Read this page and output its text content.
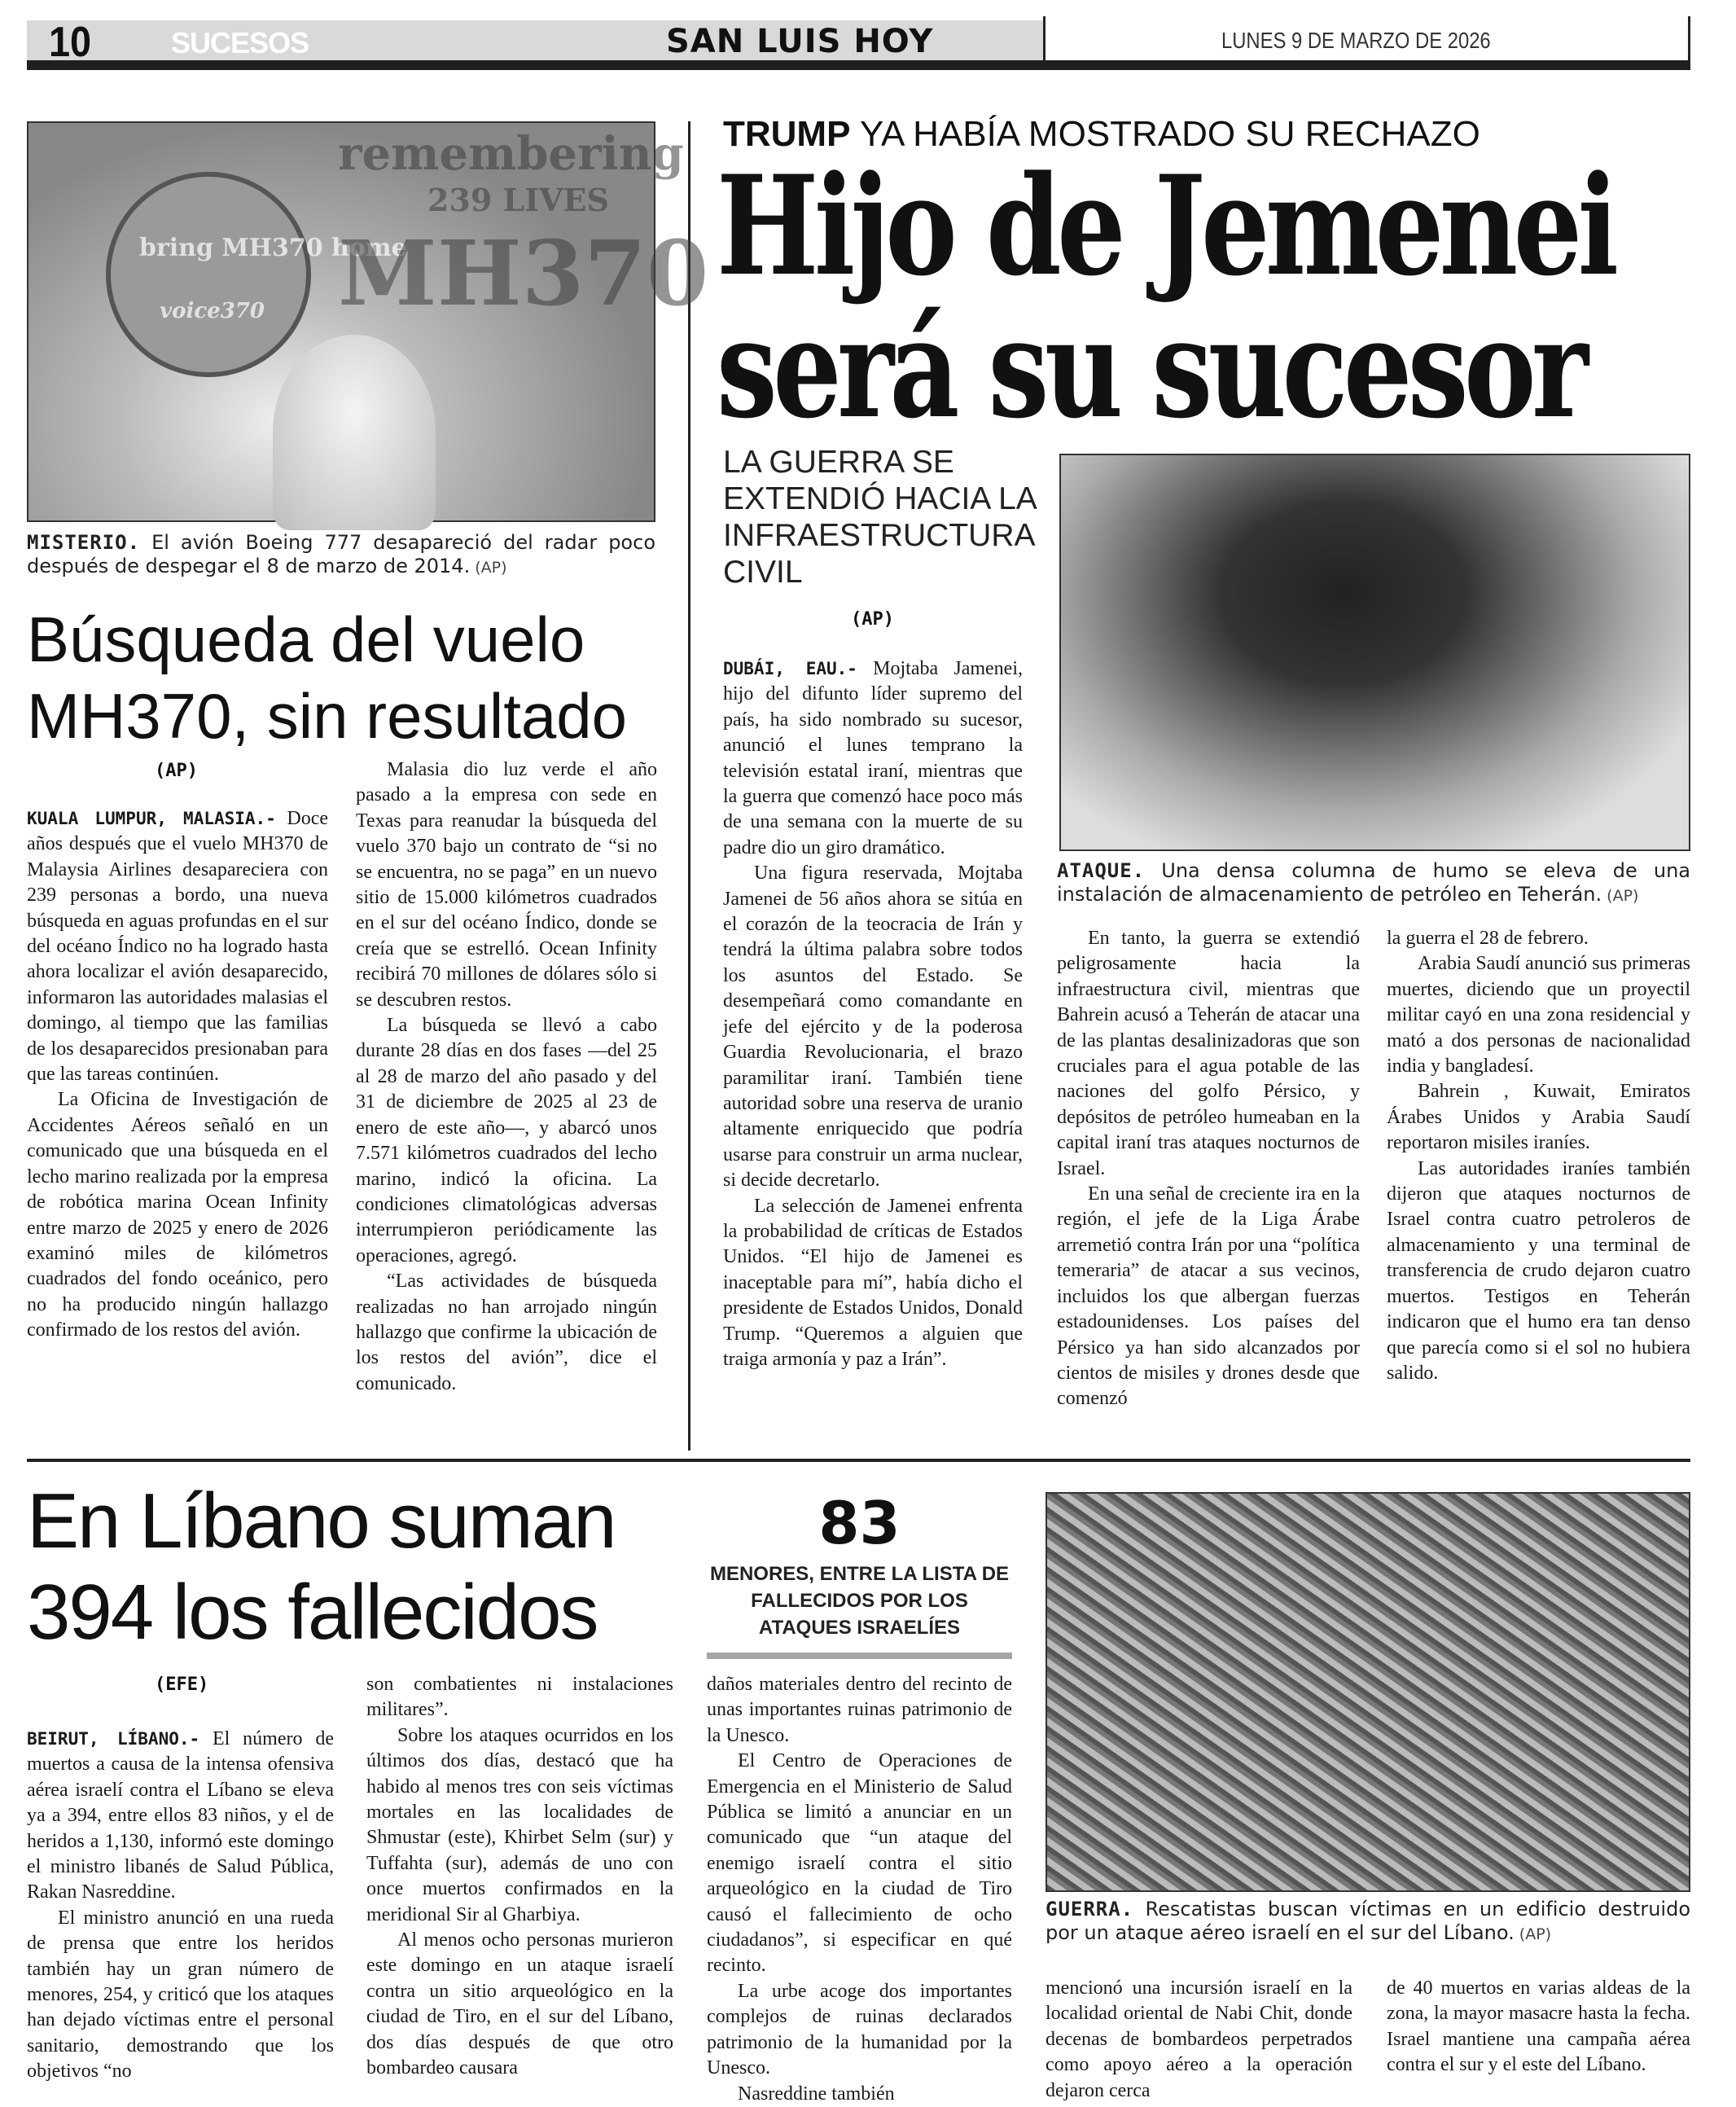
10	SUCESOS	SAN LUIS HOY	LUNES 9 DE MARZO DE 2026
bring MH370 home
voice370
remembering
239 LIVES
MH370
MISTERIO. El avión Boeing 777 desapareció del radar poco después de despegar el 8 de marzo de 2014. (AP)
Búsqueda del vuelo MH370, sin resultado
(AP)

KUALA LUMPUR, MALASIA.- Doce años después que el vuelo MH370 de Malaysia Airlines desapareciera con 239 personas a bordo, una nueva búsqueda en aguas profundas en el sur del océano Índico no ha logrado hasta ahora localizar el avión desaparecido, informaron las autoridades malasias el domingo, al tiempo que las familias de los desaparecidos presionaban para que las tareas continúen.

La Oficina de Investigación de Accidentes Aéreos señaló en un comunicado que una búsqueda en el lecho marino realizada por la empresa de robótica marina Ocean Infinity entre marzo de 2025 y enero de 2026 examinó miles de kilómetros cuadrados del fondo oceánico, pero no ha producido ningún hallazgo confirmado de los restos del avión.

Malasia dio luz verde el año pasado a la empresa con sede en Texas para reanudar la búsqueda del vuelo 370 bajo un contrato de “si no se encuentra, no se paga” en un nuevo sitio de 15.000 kilómetros cuadrados en el sur del océano Índico, donde se creía que se estrelló. Ocean Infinity recibirá 70 millones de dólares sólo si se descubren restos.

La búsqueda se llevó a cabo durante 28 días en dos fases —del 25 al 28 de marzo del año pasado y del 31 de diciembre de 2025 al 23 de enero de este año—, y abarcó unos 7.571 kilómetros cuadrados del lecho marino, indicó la oficina. La condiciones climatológicas adversas interrumpieron periódicamente las operaciones, agregó.

“Las actividades de búsqueda realizadas no han arrojado ningún hallazgo que confirme la ubicación de los restos del avión”, dice el comunicado.

TRUMP YA HABÍA MOSTRADO SU RECHAZO
Hijo de Jemenei
será su sucesor
LA GUERRA SE EXTENDIÓ HACIA LA INFRAESTRUCTURA CIVIL
(AP)
ATAQUE. Una densa columna de humo se eleva de una instalación de almacenamiento de petróleo en Teherán. (AP)

DUBÁI, EAU.- Mojtaba Jamenei, hijo del difunto líder supremo del país, ha sido nombrado su sucesor, anunció el lunes temprano la televisión estatal iraní, mientras que la guerra que comenzó hace poco más de una semana con la muerte de su padre dio un giro dramático.

Una figura reservada, Mojtaba Jamenei de 56 años ahora se sitúa en el corazón de la teocracia de Irán y tendrá la última palabra sobre todos los asuntos del Estado. Se desempeñará como comandante en jefe del ejército y de la poderosa Guardia Revolucionaria, el brazo paramilitar iraní. También tiene autoridad sobre una reserva de uranio altamente enriquecido que podría usarse para construir un arma nuclear, si decide decretarlo.

La selección de Jamenei enfrenta la probabilidad de críticas de Estados Unidos. “El hijo de Jamenei es inaceptable para mí”, había dicho el presidente de Estados Unidos, Donald Trump. “Queremos a alguien que traiga armonía y paz a Irán”.

En tanto, la guerra se extendió peligrosamente hacia la infraestructura civil, mientras que Bahrein acusó a Teherán de atacar una de las plantas desalinizadoras que son cruciales para el agua potable de las naciones del golfo Pérsico, y depósitos de petróleo humeaban en la capital iraní tras ataques nocturnos de Israel.

En una señal de creciente ira en la región, el jefe de la Liga Árabe arremetió contra Irán por una “política temeraria” de atacar a sus vecinos, incluidos los que albergan fuerzas estadounidenses. Los países del Pérsico ya han sido alcanzados por cientos de misiles y drones desde que comenzó

la guerra el 28 de febrero.

Arabia Saudí anunció sus primeras muertes, diciendo que un proyectil militar cayó en una zona residencial y mató a dos personas de nacionalidad india y bangladesí.

Bahrein , Kuwait, Emiratos Árabes Unidos y Arabia Saudí reportaron misiles iraníes.

Las autoridades iraníes también dijeron que ataques nocturnos de Israel contra cuatro petroleros de almacenamiento y una terminal de transferencia de crudo dejaron cuatro muertos. Testigos en Teherán indicaron que el humo era tan denso que parecía como si el sol no hubiera salido.

En Líbano suman 394 los fallecidos
83
MENORES, ENTRE LA LISTA DE FALLECIDOS POR LOS ATAQUES ISRAELÍES
GUERRA. Rescatistas buscan víctimas en un edificio destruido por un ataque aéreo israelí en el sur del Líbano. (AP)
(EFE)

BEIRUT, LÍBANO.- El número de muertos a causa de la intensa ofensiva aérea israelí contra el Líbano se eleva ya a 394, entre ellos 83 niños, y el de heridos a 1,130, informó este domingo el ministro libanés de Salud Pública, Rakan Nasreddine.

El ministro anunció en una rueda de prensa que entre los heridos también hay un gran número de menores, 254, y criticó que los ataques han dejado víctimas entre el personal sanitario, demostrando que los objetivos “no

son combatientes ni instalaciones militares”.

Sobre los ataques ocurridos en los últimos dos días, destacó que ha habido al menos tres con seis víctimas mortales en las localidades de Shmustar (este), Khirbet Selm (sur) y Tuffahta (sur), además de uno con once muertos confirmados en la meridional Sir al Gharbiya.

Al menos ocho personas murieron este domingo en un ataque israelí contra un sitio arqueológico en la ciudad de Tiro, en el sur del Líbano, dos días después de que otro bombardeo causara

daños materiales dentro del recinto de unas importantes ruinas patrimonio de la Unesco.

El Centro de Operaciones de Emergencia en el Ministerio de Salud Pública se limitó a anunciar en un comunicado que “un ataque del enemigo israelí contra el sitio arqueológico en la ciudad de Tiro causó el fallecimiento de ocho ciudadanos”, si especificar en qué recinto.

La urbe acoge dos importantes complejos de ruinas declarados patrimonio de la humanidad por la Unesco.

Nasreddine también

mencionó una incursión israelí en la localidad oriental de Nabi Chit, donde decenas de bombardeos perpetrados como apoyo aéreo a la operación dejaron cerca

de 40 muertos en varias aldeas de la zona, la mayor masacre hasta la fecha. Israel mantiene una campaña aérea contra el sur y el este del Líbano.
